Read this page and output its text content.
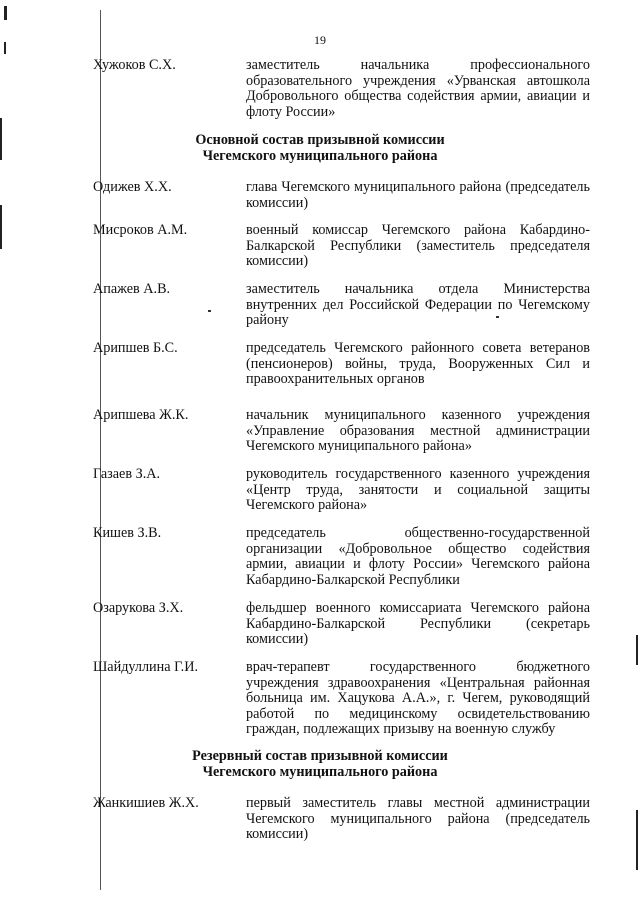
19
Хужоков С.Х.	заместитель начальника профессионального образовательного учреждения «Урванская автошкола Добровольного общества содействия армии, авиации и флоту России»
Основной состав призывной комиссии
Чегемского муниципального района
Одижев Х.Х.	глава Чегемского муниципального района (председатель комиссии)
Мисроков А.М.	военный комиссар Чегемского района Кабардино-Балкарской Республики (заместитель председателя комиссии)
Апажев А.В.	заместитель начальника отдела Министерства внутренних дел Российской Федерации по Чегемскому району
Арипшев Б.С.	председатель Чегемского районного совета ветеранов (пенсионеров) войны, труда, Вооруженных Сил и правоохранительных органов
Арипшева Ж.К.	начальник муниципального казенного учреждения «Управление образования местной администрации Чегемского муниципального района»
Газаев З.А.	руководитель государственного казенного учреждения «Центр труда, занятости и социальной защиты Чегемского района»
Кишев З.В.	председатель общественно-государственной организации «Добровольное общество содействия армии, авиации и флоту России» Чегемского района Кабардино-Балкарской Республики
Озарукова З.Х.	фельдшер военного комиссариата Чегемского района Кабардино-Балкарской Республики (секретарь комиссии)
Шайдуллина Г.И.	врач-терапевт государственного бюджетного учреждения здравоохранения «Центральная районная больница им. Хацукова А.А.», г. Чегем, руководящий работой по медицинскому освидетельствованию граждан, подлежащих призыву на военную службу
Резервный состав призывной комиссии
Чегемского муниципального района
Жанкишиев Ж.Х.	первый заместитель главы местной администрации Чегемского муниципального района (председатель комиссии)
